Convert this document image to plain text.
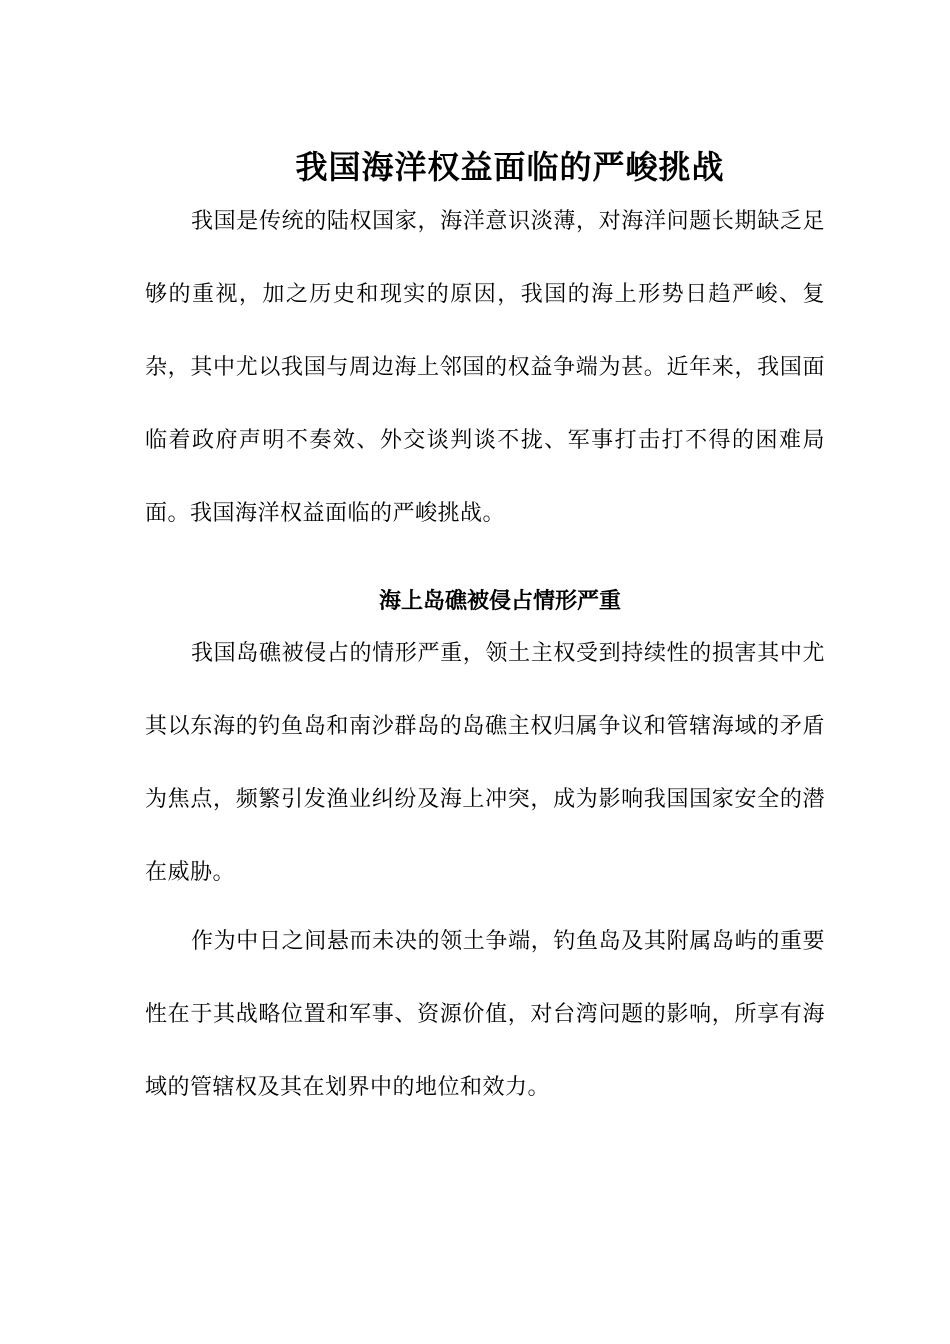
我国海洋权益面临的严峻挑战

我国是传统的陆权国家，海洋意识淡薄，对海洋问题长期缺乏足够的重视，加之历史和现实的原因，我国的海上形势日趋严峻、复杂，其中尤以我国与周边海上邻国的权益争端为甚。近年来，我国面临着政府声明不奏效、外交谈判谈不拢、军事打击打不得的困难局面。我国海洋权益面临的严峻挑战。

海上岛礁被侵占情形严重

我国岛礁被侵占的情形严重，领土主权受到持续性的损害其中尤其以东海的钓鱼岛和南沙群岛的岛礁主权归属争议和管辖海域的矛盾为焦点，频繁引发渔业纠纷及海上冲突，成为影响我国国家安全的潜在威胁。

作为中日之间悬而未决的领土争端，钓鱼岛及其附属岛屿的重要性在于其战略位置和军事、资源价值，对台湾问题的影响，所享有海域的管辖权及其在划界中的地位和效力。
